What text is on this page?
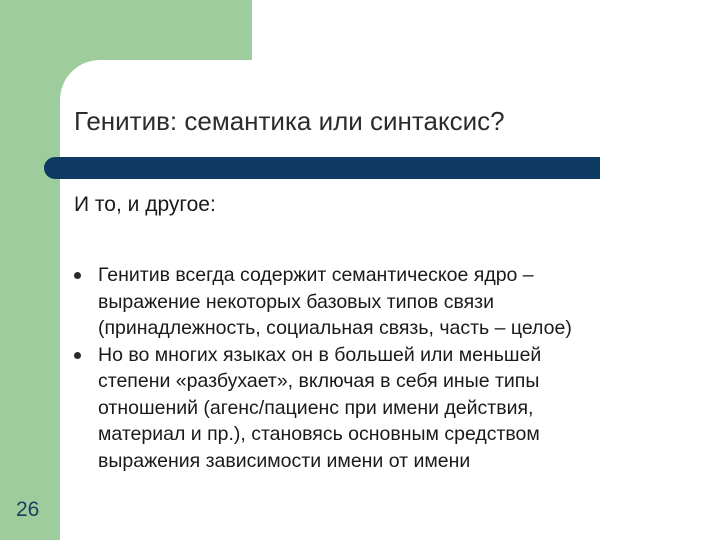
Генитив: семантика или синтаксис?

И то, и другое:

Генитив всегда содержит семантическое ядро –
выражение некоторых базовых типов связи
(принадлежность, социальная связь, часть – целое)
Но во многих языках он в большей или меньшей
степени «разбухает», включая в себя иные типы
отношений (агенс/пациенс при имени действия,
материал и пр.), становясь основным средством
выражения зависимости имени от имени
26
